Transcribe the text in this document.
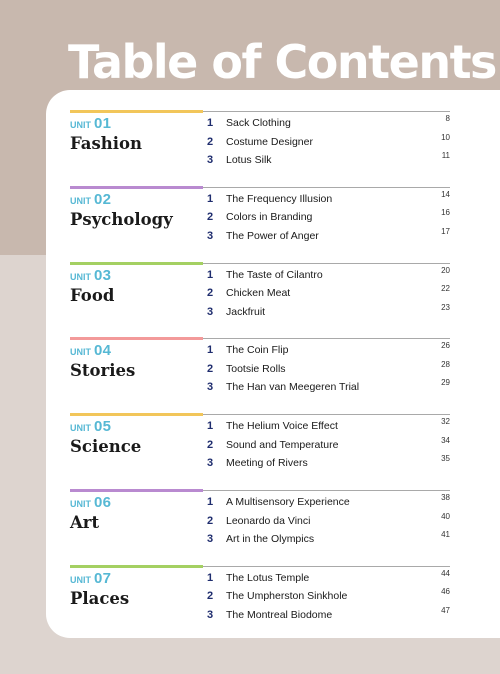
Table of Contents
UNIT 01
Fashion
1 Sack Clothing	8
2 Costume Designer	10
3 Lotus Silk	11
UNIT 02
Psychology
1 The Frequency Illusion	14
2 Colors in Branding	16
3 The Power of Anger	17
UNIT 03
Food
1 The Taste of Cilantro	20
2 Chicken Meat	22
3 Jackfruit	23
UNIT 04
Stories
1 The Coin Flip	26
2 Tootsie Rolls	28
3 The Han van Meegeren Trial	29
UNIT 05
Science
1 The Helium Voice Effect	32
2 Sound and Temperature	34
3 Meeting of Rivers	35
UNIT 06
Art
1 A Multisensory Experience	38
2 Leonardo da Vinci	40
3 Art in the Olympics	41
UNIT 07
Places
1 The Lotus Temple	44
2 The Umpherston Sinkhole	46
3 The Montreal Biodome	47
